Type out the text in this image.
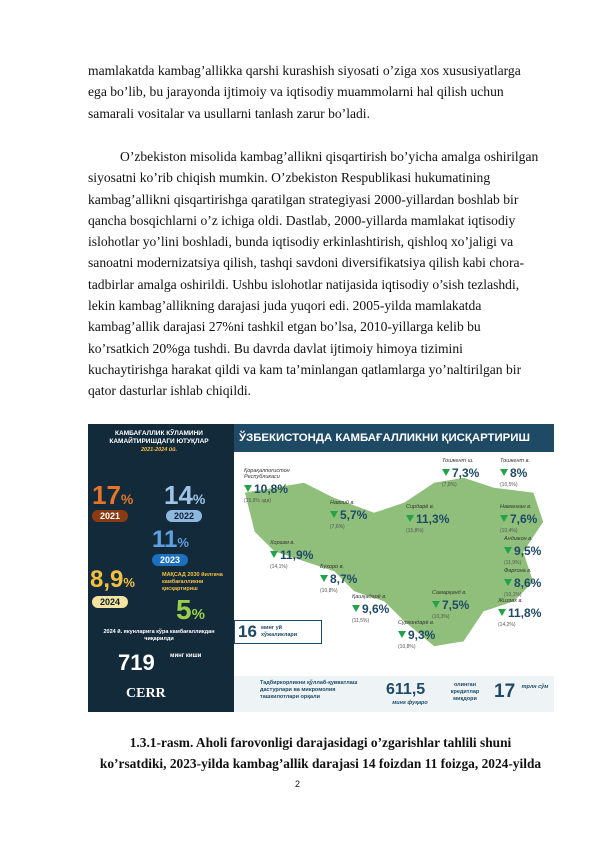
mamlakatda kambag’allikka qarshi kurashish siyosati o’ziga xos xususiyatlarga
ega bo’lib, bu jarayonda ijtimoiy va iqtisodiy muammolarni hal qilish uchun
samarali vositalar va usullarni tanlash zarur bo’ladi.
O’zbekiston misolida kambag’allikni qisqartirish bo’yicha amalga oshirilgan
siyosatni ko’rib chiqish mumkin. O’zbekiston Respublikasi hukumatining
kambag’allikni qisqartirishga qaratilgan strategiyasi 2000-yillardan boshlab bir
qancha bosqichlarni o’z ichiga oldi. Dastlab, 2000-yillarda mamlakat iqtisodiy
islohotlar yo’lini boshladi, bunda iqtisodiy erkinlashtirish, qishloq xo’jaligi va
sanoatni modernizatsiya qilish, tashqi savdoni diversifikatsiya qilish kabi chora-
tadbirlar amalga oshirildi. Ushbu islohotlar natijasida iqtisodiy o’sish tezlashdi,
lekin kambag’allikning darajasi juda yuqori edi. 2005-yilda mamlakatda
kambag’allik darajasi 27%ni tashkil etgan bo’lsa, 2010-yillarga kelib bu
ko’rsatkich 20%ga tushdi. Bu davrda davlat ijtimoiy himoya tizimini
kuchaytirishga harakat qildi va kam ta’minlangan qatlamlarga yo’naltirilgan bir
qator dasturlar ishlab chiqildi.
КАМБАҒАЛЛИК КЎЛАМИНИ КАМАЙТИРИШДАГИ ЮТУҚЛАР
2021-2024 йй.
17%
2021
14%
2022
11%
2023
8,9%
2024
МАҚСАД 2030 йилгача камбағалликни қисқартириш
5%
2024 й. якунларига кўра камбағалликдан чиқарилди
719	минг киши
CERR
ЎЗБЕКИСТОНДА КАМБАҒАЛЛИКНИ ҚИСҚАРТИРИШ
Қорақалпоғистон Республикаси
10,8%
(15,6% эди)	Навоий в.
5,7%
(7,6%)
Сирдарё в.
11,3%
(15,8%)
Тошкент ш.
7,3%
(7,8%)
Тошкент в.
8%
(10,5%)
Наманган в.
7,6%
(10,4%)
Андижон в.
9,5%
(11,9%)
Фарғона в.
8,6%
(10,1%)
Хоразм в.
11,9%
(14,1%)	Бухоро в.
8,7%
(10,8%)
Қашқадарё в.
9,6%
(11,5%)
Самарқанд в.
7,5%
(10,3%)
Жиззах в.
11,8%
(14,2%)
Сурхондарё в.
9,3%
(10,8%)
16 минг уй хўжаликлари
Тадбиркорликни қўллаб-қувватлаш дастурлари ва микромолия ташкилотлари орқали	611,5
минг фуқаро
олинган кредитлар миқдори 17	трлн сўм
1.3.1-rasm. Aholi farovonligi darajasidagi o’zgarishlar tahlili shuni
ko’rsatdiki, 2023-yilda kambag’allik darajasi 14 foizdan 11 foizga, 2024-yilda
2
